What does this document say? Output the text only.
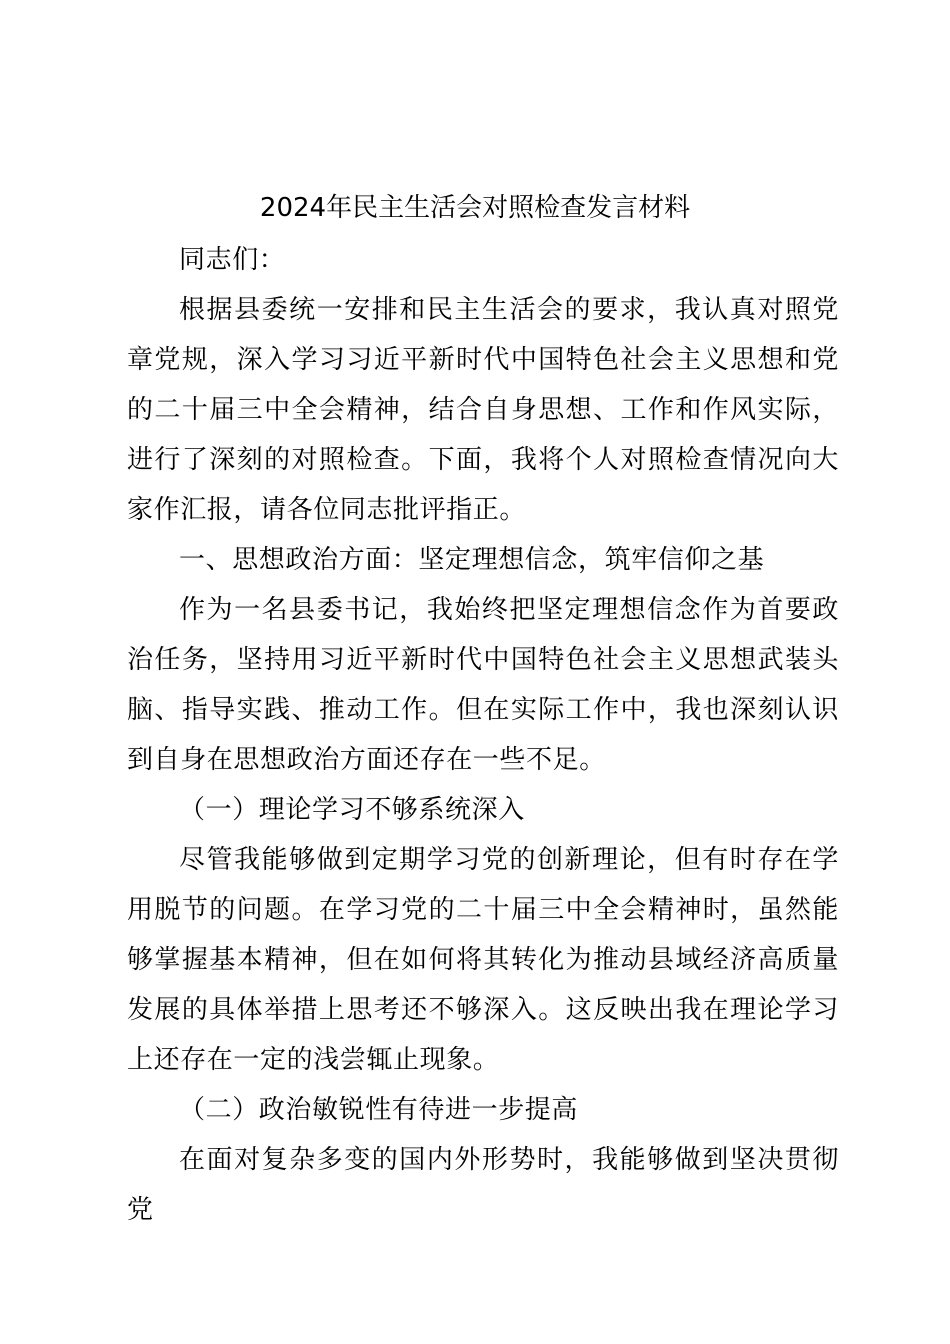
2024年民主生活会对照检查发言材料

同志们：

根据县委统一安排和民主生活会的要求，我认真对照党章党规，深入学习习近平新时代中国特色社会主义思想和党的二十届三中全会精神，结合自身思想、工作和作风实际，进行了深刻的对照检查。下面，我将个人对照检查情况向大家作汇报，请各位同志批评指正。

一、思想政治方面：坚定理想信念，筑牢信仰之基

作为一名县委书记，我始终把坚定理想信念作为首要政治任务，坚持用习近平新时代中国特色社会主义思想武装头脑、指导实践、推动工作。但在实际工作中，我也深刻认识到自身在思想政治方面还存在一些不足。

（一）理论学习不够系统深入

尽管我能够做到定期学习党的创新理论，但有时存在学用脱节的问题。在学习党的二十届三中全会精神时，虽然能够掌握基本精神，但在如何将其转化为推动县域经济高质量发展的具体举措上思考还不够深入。这反映出我在理论学习上还存在一定的浅尝辄止现象。

（二）政治敏锐性有待进一步提高

在面对复杂多变的国内外形势时，我能够做到坚决贯彻党
